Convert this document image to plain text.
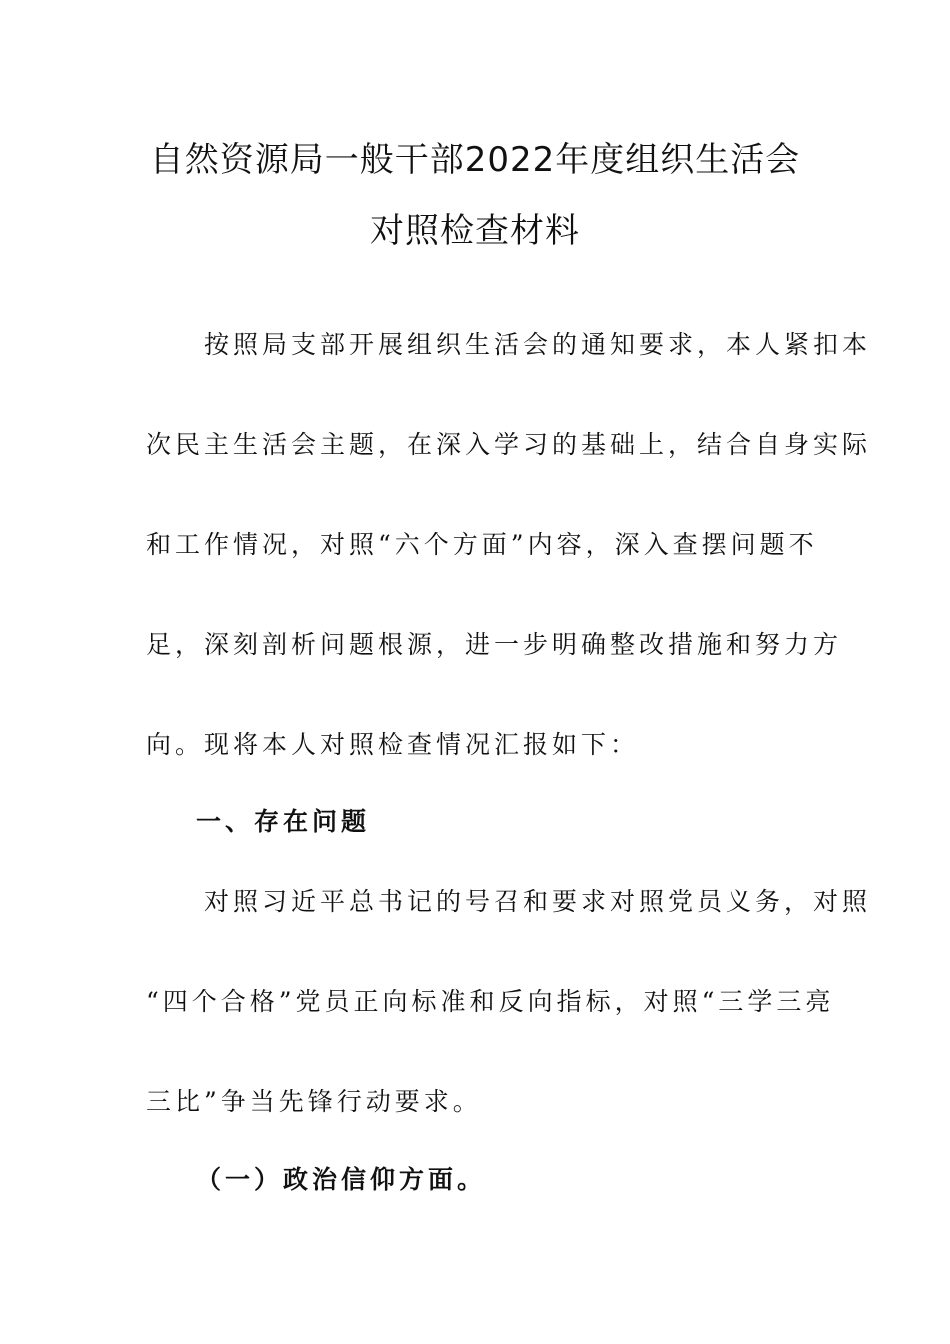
自然资源局一般干部2022年度组织生活会
对照检查材料

　　按照局支部开展组织生活会的通知要求，本人紧扣本

次民主生活会主题，在深入学习的基础上，结合自身实际

和工作情况，对照“六个方面”内容，深入查摆问题不

足，深刻剖析问题根源，进一步明确整改措施和努力方

向。现将本人对照检查情况汇报如下：

一、存在问题

　　对照习近平总书记的号召和要求对照党员义务，对照

“四个合格”党员正向标准和反向指标，对照“三学三亮

三比”争当先锋行动要求。

（一）政治信仰方面。
